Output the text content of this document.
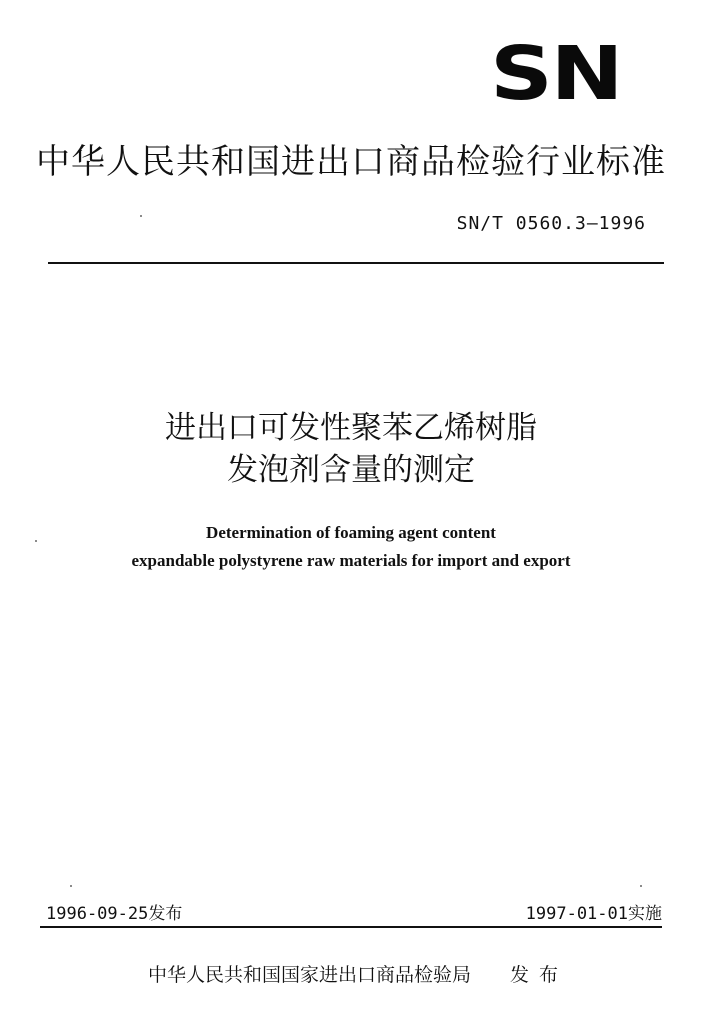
SN
中华人民共和国进出口商品检验行业标准
SN/T 0560.3—1996
进出口可发性聚苯乙烯树脂
发泡剂含量的测定
Determination of foaming agent content
expandable polystyrene raw materials for import and export
1996-09-25发布	1997-01-01实施
中华人民共和国国家进出口商品检验局 发布
